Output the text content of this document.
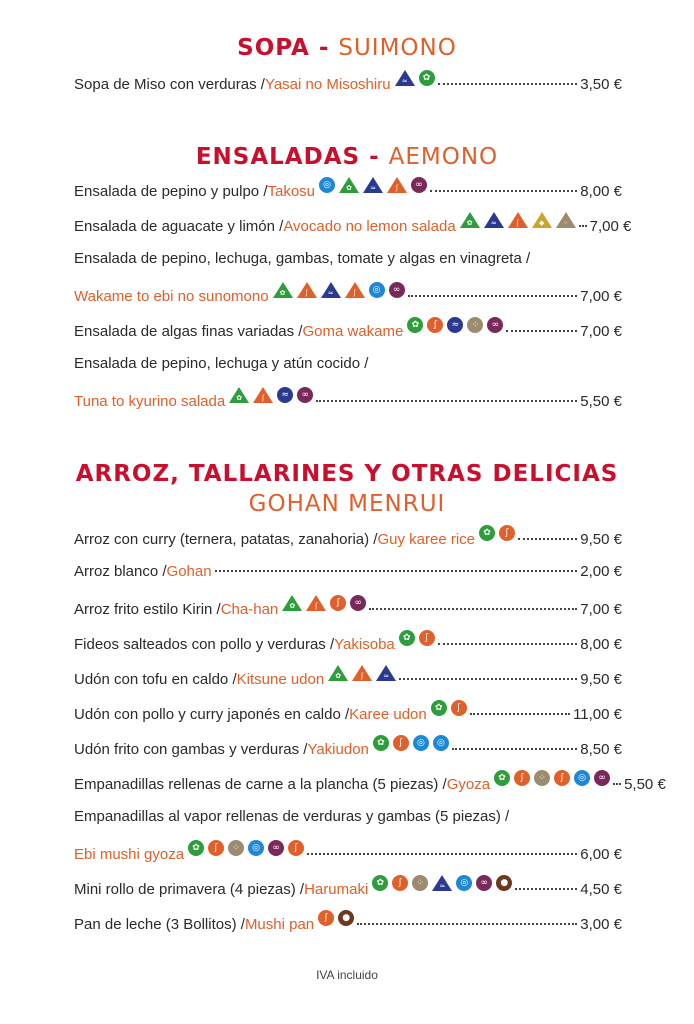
SOPA - SUIMONO
ENSALADAS - AEMONO
ARROZ, TALLARINES Y OTRAS DELICIAS
GOHAN MENRUI
Sopa de Miso con verduras / Yasai no Misoshiru	≈	✿	3,50 €
Ensalada de pepino y pulpo / Takosu ◎	✿	≈	ʃ	∞	8,00 €
Ensalada de aguacate y limón / Avocado no lemon salada	✿	≈	ʃ	◆	⁘	7,00 €
Ensalada de pepino, lechuga, gambas, tomate y algas en vinagreta /
Wakame to ebi no sunomono	✿	ʃ	≈	ʃ	◎	∞	7,00 €
Ensalada de algas finas variadas / Goma wakame ✿	ʃ	≈	⁘	∞	7,00 €
Ensalada de pepino, lechuga y atún cocido /
Tuna to kyurino salada	✿	ʃ	≈	∞	5,50 €
Arroz con curry (ternera, patatas, zanahoria) / Guy karee rice ✿	ʃ	9,50 €
Arroz blanco / Gohan	2,00 €
Arroz frito estilo Kirin / Cha-han	✿	ʃ	ʃ	∞	7,00 €
Fideos salteados con pollo y verduras / Yakisoba ✿	ʃ	8,00 €
Udón con tofu en caldo / Kitsune udon	✿	ʃ	≈	9,50 €
Udón con pollo y curry japonés en caldo / Karee udon ✿	ʃ	11,00 €
Udón frito con gambas y verduras / Yakiudon ✿	ʃ	◎	◎	8,50 €
Empanadillas rellenas de carne a la plancha (5 piezas) / Gyoza ✿	ʃ	⁘	ʃ	◎	∞ 5,50 €
Empanadillas al vapor rellenas de verduras y gambas (5 piezas) /
Ebi mushi gyoza ✿	ʃ	⁘	◎	∞	ʃ	6,00 €
Mini rollo de primavera (4 piezas) / Harumaki ✿	ʃ	⁘	≈	◎	∞	●	4,50 €
Pan de leche (3 Bollitos) / Mushi pan	ʃ	●	3,00 €
IVA incluido
